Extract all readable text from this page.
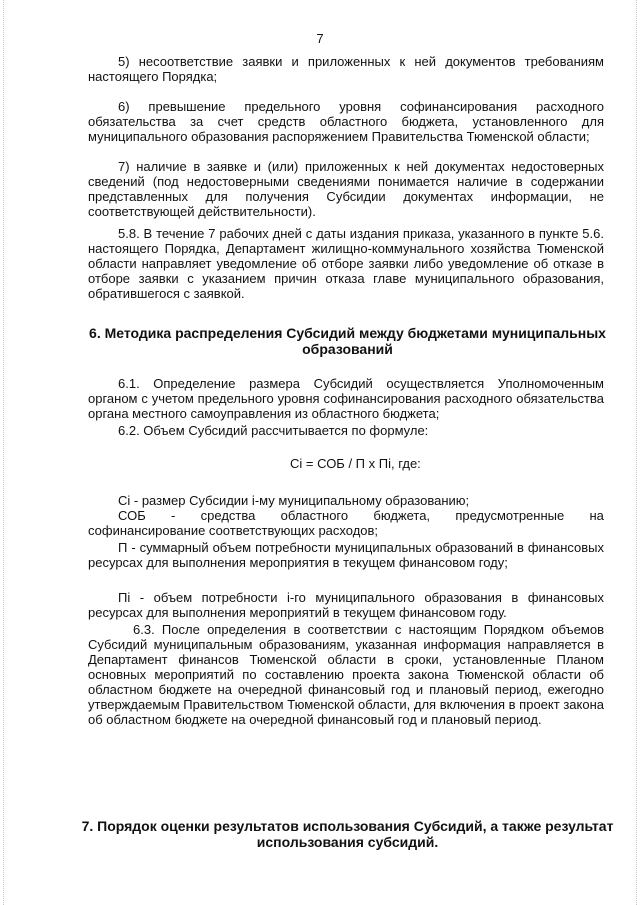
7

5) несоответствие заявки и приложенных к ней документов требованиям настоящего Порядка;

6) превышение предельного уровня софинансирования расходного обязательства за счет средств областного бюджета, установленного для муниципального образования распоряжением Правительства Тюменской области;

7) наличие в заявке и (или) приложенных к ней документах недостоверных сведений (под недостоверными сведениями понимается наличие в содержании представленных для получения Субсидии документах информации, не соответствующей действительности).

5.8. В течение 7 рабочих дней с даты издания приказа, указанного в пункте 5.6. настоящего Порядка, Департамент жилищно-коммунального хозяйства Тюменской области направляет уведомление об отборе заявки либо уведомление об отказе в отборе заявки с указанием причин отказа главе муниципального образования, обратившегося с заявкой.

6. Методика распределения Субсидий между бюджетами муниципальных образований

6.1. Определение размера Субсидий осуществляется Уполномоченным органом с учетом предельного уровня софинансирования расходного обязательства органа местного самоуправления из областного бюджета;

6.2. Объем Субсидий рассчитывается по формуле:

Сi = СОБ / П х Пi, где:

Сi - размер Субсидии i-му муниципальному образованию;

СОБ - средства областного бюджета, предусмотренные на
софинансирование соответствующих расходов;

П - суммарный объем потребности муниципальных образований в финансовых ресурсах для выполнения мероприятия в текущем финансовом году;

Пi - объем потребности i-го муниципального образования в финансовых ресурсах для выполнения мероприятий в текущем финансовом году.

6.3. После определения в соответствии с настоящим Порядком объемов Субсидий муниципальным образованиям, указанная информация направляется в Департамент финансов Тюменской области в сроки, установленные Планом основных мероприятий по составлению проекта закона Тюменской области об областном бюджете на очередной финансовый год и плановый период, ежегодно утверждаемым Правительством Тюменской области, для включения в проект закона об областном бюджете на очередной финансовый год и плановый период.

7. Порядок оценки результатов использования Субсидий, а также результат использования субсидий.
